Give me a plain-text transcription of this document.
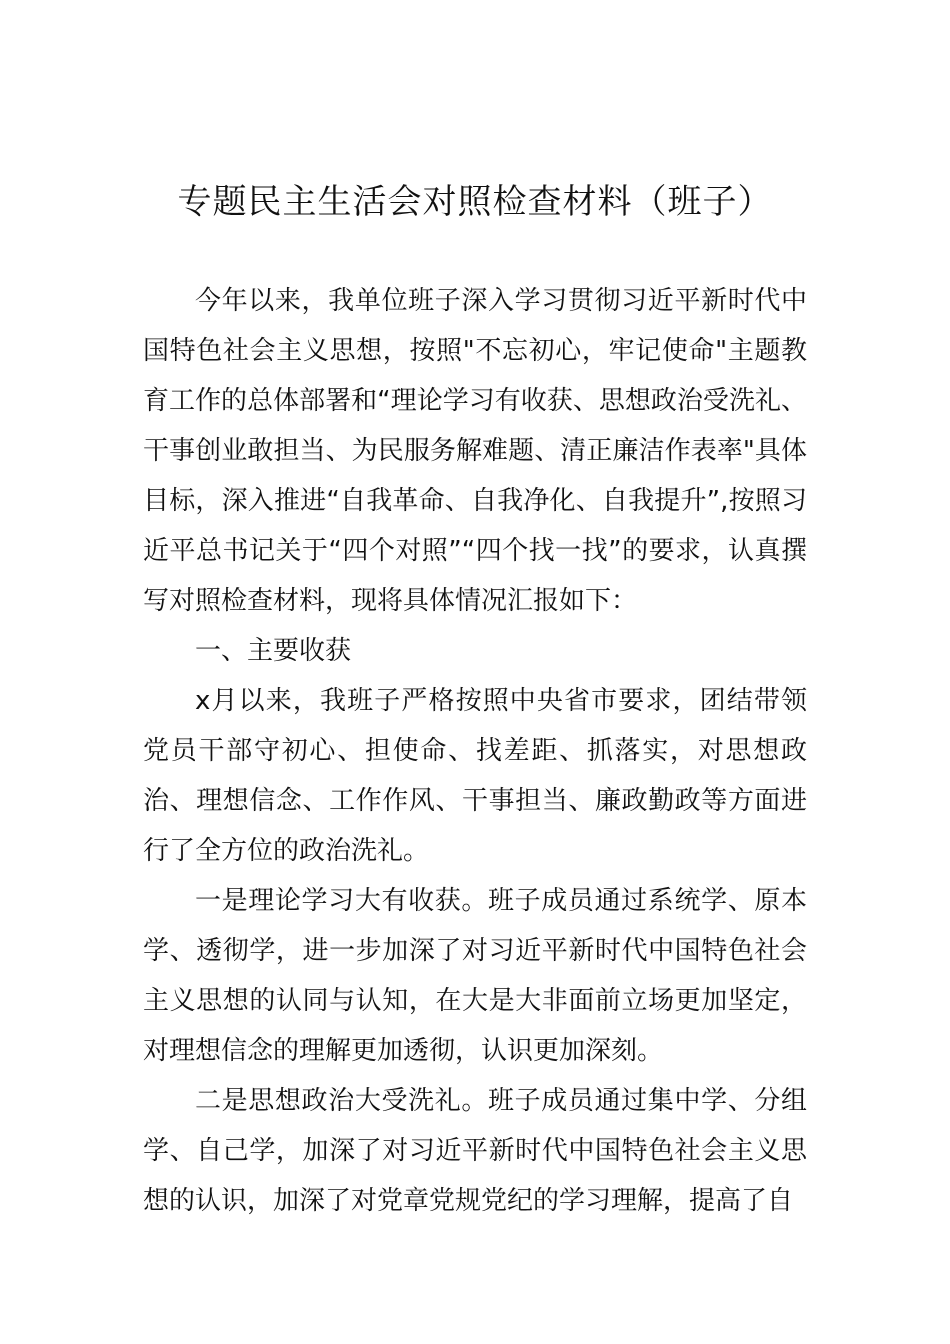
专题民主生活会对照检查材料（班子）

今年以来，我单位班子深入学习贯彻习近平新时代中国特色社会主义思想，按照"不忘初心，牢记使命"主题教育工作的总体部署和“理论学习有收获、思想政治受洗礼、干事创业敢担当、为民服务解难题、清正廉洁作表率"具体目标，深入推进“自我革命、自我净化、自我提升”,按照习近平总书记关于“四个对照”“四个找一找”的要求，认真撰写对照检查材料，现将具体情况汇报如下：

一、主要收获

x月以来，我班子严格按照中央省市要求，团结带领党员干部守初心、担使命、找差距、抓落实，对思想政治、理想信念、工作作风、干事担当、廉政勤政等方面进行了全方位的政治洗礼。

一是理论学习大有收获。班子成员通过系统学、原本学、透彻学，进一步加深了对习近平新时代中国特色社会主义思想的认同与认知，在大是大非面前立场更加坚定，对理想信念的理解更加透彻，认识更加深刻。

二是思想政治大受洗礼。班子成员通过集中学、分组学、自己学，加深了对习近平新时代中国特色社会主义思想的认识，加深了对党章党规党纪的学习理解，提高了自
